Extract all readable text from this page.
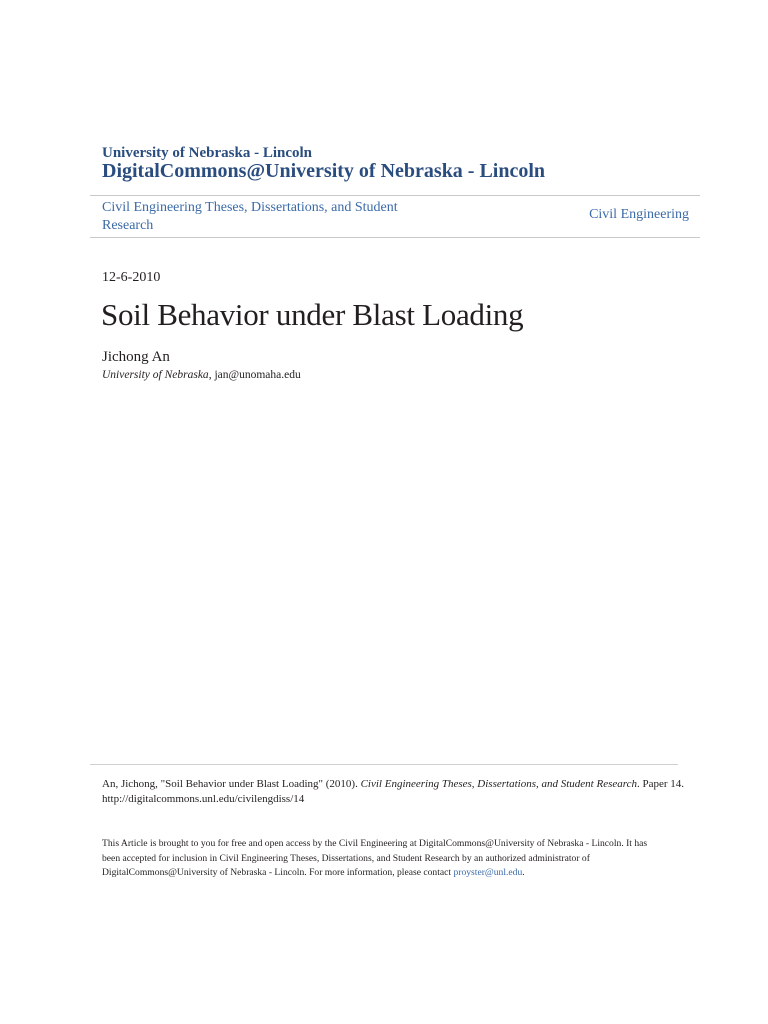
University of Nebraska - Lincoln
DigitalCommons@University of Nebraska - Lincoln
Civil Engineering Theses, Dissertations, and Student Research
Civil Engineering
12-6-2010
Soil Behavior under Blast Loading
Jichong An
University of Nebraska, jan@unomaha.edu
An, Jichong, "Soil Behavior under Blast Loading" (2010). Civil Engineering Theses, Dissertations, and Student Research. Paper 14.
http://digitalcommons.unl.edu/civilengdiss/14
This Article is brought to you for free and open access by the Civil Engineering at DigitalCommons@University of Nebraska - Lincoln. It has been accepted for inclusion in Civil Engineering Theses, Dissertations, and Student Research by an authorized administrator of DigitalCommons@University of Nebraska - Lincoln. For more information, please contact proyster@unl.edu.
